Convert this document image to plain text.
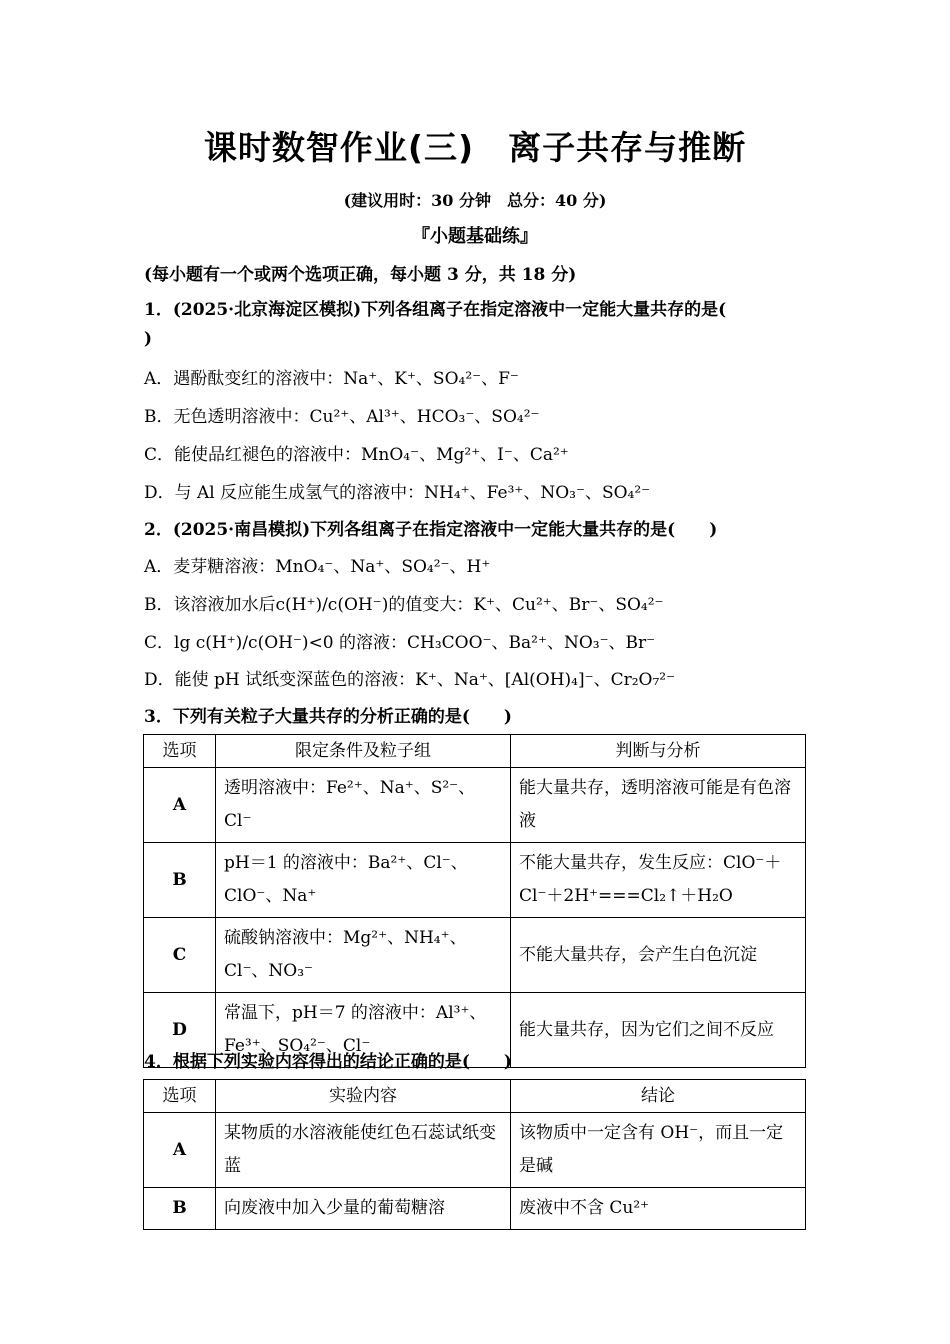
课时数智作业(三)　离子共存与推断
(建议用时：30 分钟　总分：40 分)
『小题基础练』
(每小题有一个或两个选项正确，每小题 3 分，共 18 分)
1．(2025·北京海淀区模拟)下列各组离子在指定溶液中一定能大量共存的是(
)
A．遇酚酞变红的溶液中：Na⁺、K⁺、SO₄²⁻、F⁻
B．无色透明溶液中：Cu²⁺、Al³⁺、HCO₃⁻、SO₄²⁻
C．能使品红褪色的溶液中：MnO₄⁻、Mg²⁺、I⁻、Ca²⁺
D．与 Al 反应能生成氢气的溶液中：NH₄⁺、Fe³⁺、NO₃⁻、SO₄²⁻
2．(2025·南昌模拟)下列各组离子在指定溶液中一定能大量共存的是(　　)
A．麦芽糖溶液：MnO₄⁻、Na⁺、SO₄²⁻、H⁺
B．该溶液加水后c(H⁺)/c(OH⁻)的值变大：K⁺、Cu²⁺、Br⁻、SO₄²⁻
C．lg c(H⁺)/c(OH⁻)<0 的溶液：CH₃COO⁻、Ba²⁺、NO₃⁻、Br⁻
D．能使 pH 试纸变深蓝色的溶液：K⁺、Na⁺、[Al(OH)₄]⁻、Cr₂O₇²⁻
3．下列有关粒子大量共存的分析正确的是(　　)
选项	限定条件及粒子组	判断与分析
A	透明溶液中：Fe²⁺、Na⁺、S²⁻、Cl⁻	能大量共存，透明溶液可能是有色溶液
B	pH＝1 的溶液中：Ba²⁺、Cl⁻、ClO⁻、Na⁺	不能大量共存，发生反应：ClO⁻＋Cl⁻＋2H⁺===Cl₂↑＋H₂O
C	硫酸钠溶液中：Mg²⁺、NH₄⁺、Cl⁻、NO₃⁻	不能大量共存，会产生白色沉淀
D	常温下，pH＝7 的溶液中：Al³⁺、Fe³⁺、SO₄²⁻、Cl⁻	能大量共存，因为它们之间不反应
4．根据下列实验内容得出的结论正确的是(　　)
选项	实验内容	结论
A	某物质的水溶液能使红色石蕊试纸变蓝	该物质中一定含有 OH⁻，而且一定是碱
B	向废液中加入少量的葡萄糖溶	废液中不含 Cu²⁺
